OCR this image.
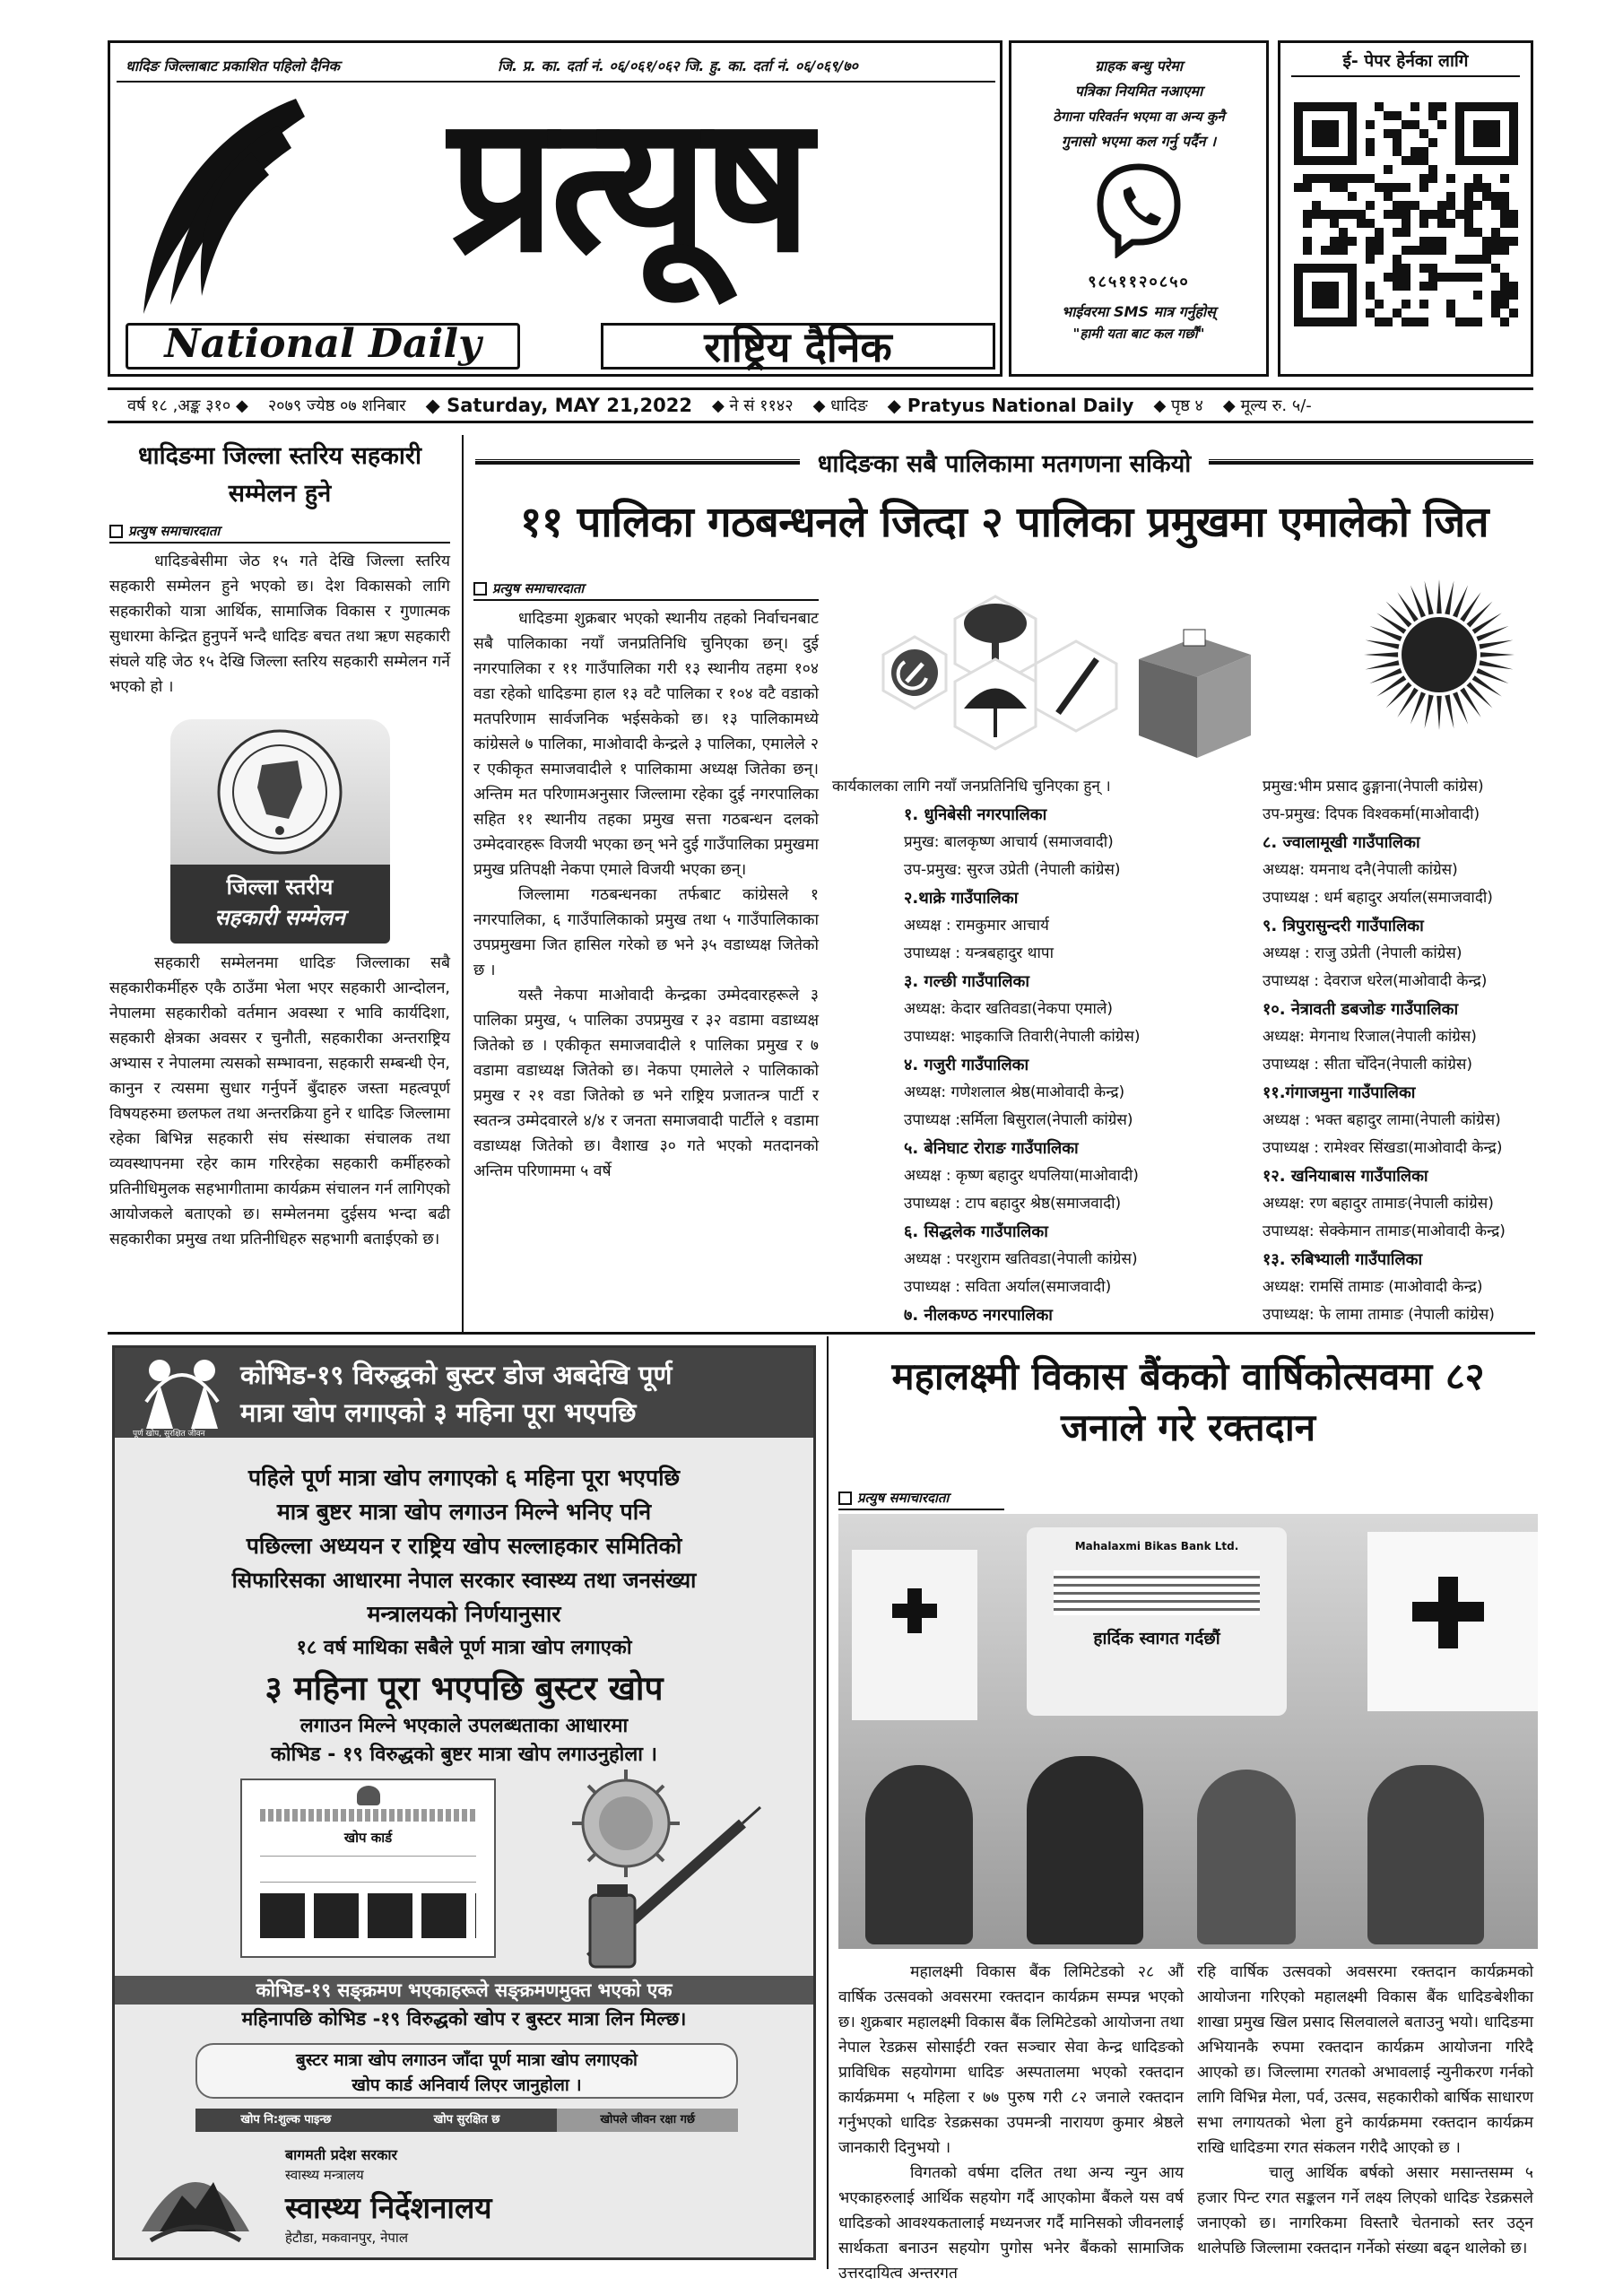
धादिङ जिल्लाबाट प्रकाशित पहिलो दैनिक	जि. प्र. का. दर्ता नं. ०६/०६१/०६२ जि. हु. का. दर्ता नं. ०६/०६९/७०
प्रत्यूष
National Daily	राष्ट्रिय दैनिक
ग्राहक बन्धु परेमा
पत्रिका नियमित नआएमा
ठेगाना परिवर्तन भएमा वा अन्य कुनै
गुनासो भएमा कल गर्नु पर्दैन ।
९८५११२०८५०
भाईवरमा SMS मात्र गर्नुहोस्
"हामी यता बाट कल गर्छौं"
ई- पेपर हेर्नका लागि
वर्ष १८ ,अङ्क ३१० ◆ २०७९ ज्येष्ठ ०७ शनिबार ◆ Saturday, MAY 21,2022 ◆ ने सं ११४२ ◆ धादिङ ◆ Pratyus National Daily ◆ पृष्ठ ४ ◆ मूल्य रु. ५/-
धादिङमा जिल्ला स्तरिय सहकारी
सम्मेलन हुने
प्रत्युष समाचारदाता

धादिङबेसीमा जेठ १५ गते देखि जिल्ला स्तरिय सहकारी सम्मेलन हुने भएको छ। देश विकासको लागि सहकारीको यात्रा आर्थिक, सामाजिक विकास र गुणात्मक सुधारमा केन्द्रित हुनुपर्ने भन्दै धादिङ बचत तथा ऋण सहकारी संघले यहि जेठ १५ देखि जिल्ला स्तरिय सहकारी सम्मेलन गर्ने भएको हो ।

जिल्ला स्तरीय
सहकारी सम्मेलन

सहकारी सम्मेलनमा धादिङ जिल्लाका सबै सहकारीकर्मीहरु एकै ठाउँमा भेला भएर सहकारी आन्दोलन, नेपालमा सहकारीको वर्तमान अवस्था र भावि कार्यदिशा, सहकारी क्षेत्रका अवसर र चुनौती, सहकारीका अन्तराष्ट्रिय अभ्यास र नेपालमा त्यसको सम्भावना, सहकारी सम्बन्धी ऐन, कानुन र त्यसमा सुधार गर्नुपर्ने बुँदाहरु जस्ता महत्वपूर्ण विषयहरुमा छलफल तथा अन्तरक्रिया हुने र धादिङ जिल्लामा रहेका बिभिन्न सहकारी संघ संस्थाका संचालक तथा व्यवस्थापनमा रहेर काम गरिरहेका सहकारी कर्मीहरुको प्रतिनीधिमुलक सहभागीतामा कार्यक्रम संचालन गर्न लागिएको आयोजकले बताएको छ। सम्मेलनमा दुईसय भन्दा बढी सहकारीका प्रमुख तथा प्रतिनीधिहरु सहभागी बताईएको छ।

धादिङका सबै पालिकामा मतगणना सकियो
११ पालिका गठबन्धनले जित्दा २ पालिका प्रमुखमा एमालेको जित
प्रत्युष समाचारदाता

धादिङमा शुक्रबार भएको स्थानीय तहको निर्वाचनबाट सबै पालिकाका नयाँ जनप्रतिनिधि चुनिएका छन्। दुई नगरपालिका र ११ गाउँपालिका गरी १३ स्थानीय तहमा १०४ वडा रहेको धादिङमा हाल १३ वटै पालिका र १०४ वटै वडाको मतपरिणाम सार्वजनिक भईसकेको छ। १३ पालिकामध्ये कांग्रेसले ७ पालिका, माओवादी केन्द्रले ३ पालिका, एमालेले २ र एकीकृत समाजवादीले १ पालिकामा अध्यक्ष जितेका छन्। अन्तिम मत परिणामअनुसार जिल्लामा रहेका दुई नगरपालिका सहित ११ स्थानीय तहका प्रमुख सत्ता गठबन्धन दलको उम्मेदवारहरू विजयी भएका छन् भने दुई गाउँपालिका प्रमुखमा प्रमुख प्रतिपक्षी नेकपा एमाले विजयी भएका छन्।

जिल्लामा गठबन्धनका तर्फबाट कांग्रेसले १ नगरपालिका, ६ गाउँपालिकाको प्रमुख तथा ५ गाउँपालिकाका उपप्रमुखमा जित हासिल गरेको छ भने ३५ वडाध्यक्ष जितेको छ ।

यस्तै नेकपा माओवादी केन्द्रका उम्मेदवारहरूले ३ पालिका प्रमुख, ५ पालिका उपप्रमुख र ३२ वडामा वडाध्यक्ष जितेको छ । एकीकृत समाजवादीले १ पालिका प्रमुख र ७ वडामा वडाध्यक्ष जितेको छ। नेकपा एमालेले २ पालिकाको प्रमुख र २१ वडा जितेको छ भने राष्ट्रिय प्रजातन्त्र पार्टी र स्वतन्त्र उम्मेदवारले ४/४ र जनता समाजवादी पार्टीले १ वडामा वडाध्यक्ष जितेको छ। वैशाख ३० गते भएको मतदानको अन्तिम परिणाममा ५ वर्षे

कार्यकालका लागि नयाँ जनप्रतिनिधि चुनिएका हुन् ।
१. धुनिबेसी नगरपालिका
प्रमुख: बालकृष्ण आचार्य (समाजवादी)
उप-प्रमुख: सुरज उप्रेती (नेपाली कांग्रेस)
२.थाक्रे गाउँपालिका
अध्यक्ष : रामकुमार आचार्य
उपाध्यक्ष : यन्त्रबहादुर थापा
३. गल्छी गाउँपालिका
अध्यक्ष: केदार खतिवडा(नेकपा एमाले)
उपाध्यक्ष: भाइकाजि तिवारी(नेपाली कांग्रेस)
४. गजुरी गाउँपालिका
अध्यक्ष: गणेशलाल श्रेष्ठ(माओवादी केन्द्र)
उपाध्यक्ष :सर्मिला बिसुराल(नेपाली कांग्रेस)
५. बेनिघाट रोराङ गाउँपालिका
अध्यक्ष : कृष्ण बहादुर थपलिया(माओवादी)
उपाध्यक्ष : टाप बहादुर श्रेष्ठ(समाजवादी)
६. सिद्धलेक गाउँपालिका
अध्यक्ष : परशुराम खतिवडा(नेपाली कांग्रेस)
उपाध्यक्ष : सविता अर्याल(समाजवादी)
७. नीलकण्ठ नगरपालिका
प्रमुख:भीम प्रसाद ढुङ्गाना(नेपाली कांग्रेस)
उप-प्रमुख: दिपक विश्वकर्मा(माओवादी)
८. ज्वालामूखी गाउँपालिका
अध्यक्ष: यमनाथ दनै(नेपाली कांग्रेस)
उपाध्यक्ष : धर्म बहादुर अर्याल(समाजवादी)
९. त्रिपुरासुन्दरी गाउँपालिका
अध्यक्ष : राजु उप्रेती (नेपाली कांग्रेस)
उपाध्यक्ष : देवराज धरेल(माओवादी केन्द्र)
१०. नेत्रावती डबजोङ गाउँपालिका
अध्यक्ष: मेगनाथ रिजाल(नेपाली कांग्रेस)
उपाध्यक्ष : सीता चोँदेन(नेपाली कांग्रेस)
११.गंगाजमुना गाउँपालिका
अध्यक्ष : भक्त बहादुर लामा(नेपाली कांग्रेस)
उपाध्यक्ष : रामेश्वर सिंखडा(माओवादी केन्द्र)
१२. खनियाबास गाउँपालिका
अध्यक्ष: रण बहादुर तामाङ(नेपाली कांग्रेस)
उपाध्यक्ष: सेक्केमान तामाङ(माओवादी केन्द्र)
१३. रुबिभ्याली गाउँपालिका
अध्यक्ष: रामसिं तामाङ (माओवादी केन्द्र)
उपाध्यक्ष: फे लामा तामाङ (नेपाली कांग्रेस)
कोभिड-१९ विरुद्धको बुस्टर डोज अबदेखि पूर्ण
मात्रा खोप लगाएको ३ महिना पूरा भएपछि
पूर्ण खोप, सुरक्षित जीवन
पहिले पूर्ण मात्रा खोप लगाएको ६ महिना पूरा भएपछि
मात्र बुष्टर मात्रा खोप लगाउन मिल्ने भनिए पनि
पछिल्ला अध्ययन र राष्ट्रिय खोप सल्लाहकार समितिको
सिफारिसका आधारमा नेपाल सरकार स्वास्थ्य तथा जनसंख्या
मन्त्रालयको निर्णयानुसार
१८ वर्ष माथिका सबैले पूर्ण मात्रा खोप लगाएको
३ महिना पूरा भएपछि बुस्टर खोप
लगाउन मिल्ने भएकाले उपलब्धताका आधारमा
कोभिड - १९ विरुद्धको बुष्टर मात्रा खोप लगाउनुहोला ।
खोप कार्ड
कोभिड-१९ सङ्क्रमण भएकाहरूले सङ्क्रमणमुक्त भएको एक
महिनापछि कोभिड -१९ विरुद्धको खोप र बुस्टर मात्रा लिन मिल्छ।
बुस्टर मात्रा खोप लगाउन जाँदा पूर्ण मात्रा खोप लगाएको
खोप कार्ड अनिवार्य लिएर जानुहोला ।
खोप नि:शुल्क पाइन्छ	खोप सुरक्षित छ	खोपले जीवन रक्षा गर्छ
बागमती प्रदेश सरकार
स्वास्थ्य मन्त्रालय
स्वास्थ्य निर्देशनालय
हेटौडा, मकवानपुर, नेपाल
महालक्ष्मी विकास बैंकको वार्षिकोत्सवमा ८२
जनाले गरे रक्तदान
प्रत्युष समाचारदाता
Mahalaxmi Bikas Bank Ltd.
हार्दिक स्वागत गर्दछौं

महालक्ष्मी विकास बैंक लिमिटेडको २८ औं वार्षिक उत्सवको अवसरमा रक्तदान कार्यक्रम सम्पन्न भएको छ। शुक्रबार महालक्ष्मी विकास बैंक लिमिटेडको आयोजना तथा नेपाल रेडक्रस सोसाईटी रक्त सञ्चार सेवा केन्द्र धादिङको प्राविधिक सहयोगमा धादिङ अस्पतालमा भएको रक्तदान कार्यक्रममा ५ महिला र ७७ पुरुष गरी ८२ जनाले रक्तदान गर्नुभएको धादिङ रेडक्रसका उपमन्त्री नारायण कुमार श्रेष्ठले जानकारी दिनुभयो ।

विगतको वर्षमा दलित तथा अन्य न्युन आय भएकाहरुलाई आर्थिक सहयोग गर्दै आएकोमा बैंकले यस वर्ष धादिङको आवश्यकतालाई मध्यनजर गर्दै मानिसको जीवनलाई सार्थकता बनाउन सहयोग पुगोस भनेर बैंकको सामाजिक उत्तरदायित्व अन्तरगत

रहि वार्षिक उत्सवको अवसरमा रक्तदान कार्यक्रमको आयोजना गरिएको महालक्ष्मी विकास बैंक धादिङबेशीका शाखा प्रमुख खिल प्रसाद सिलवालले बताउनु भयो। धादिङमा अभियानकै रुपमा रक्तदान कार्यक्रम आयोजना गरिदै आएको छ। जिल्लामा रगतको अभावलाई न्युनीकरण गर्नको लागि विभिन्न मेला, पर्व, उत्सव, सहकारीको बार्षिक साधारण सभा लगायतको भेला हुने कार्यक्रममा रक्तदान कार्यक्रम राखि धादिङमा रगत संकलन गरीदै आएको छ ।

चालु आर्थिक बर्षको असार मसान्तसम्म ५ हजार पिन्ट रगत सङ्कलन गर्ने लक्ष्य लिएको धादिङ रेडक्रसले जनाएको छ। नागरिकमा विस्तारै चेतनाको स्तर उठ्न थालेपछि जिल्लामा रक्तदान गर्नेको संख्या बढ्न थालेको छ।
